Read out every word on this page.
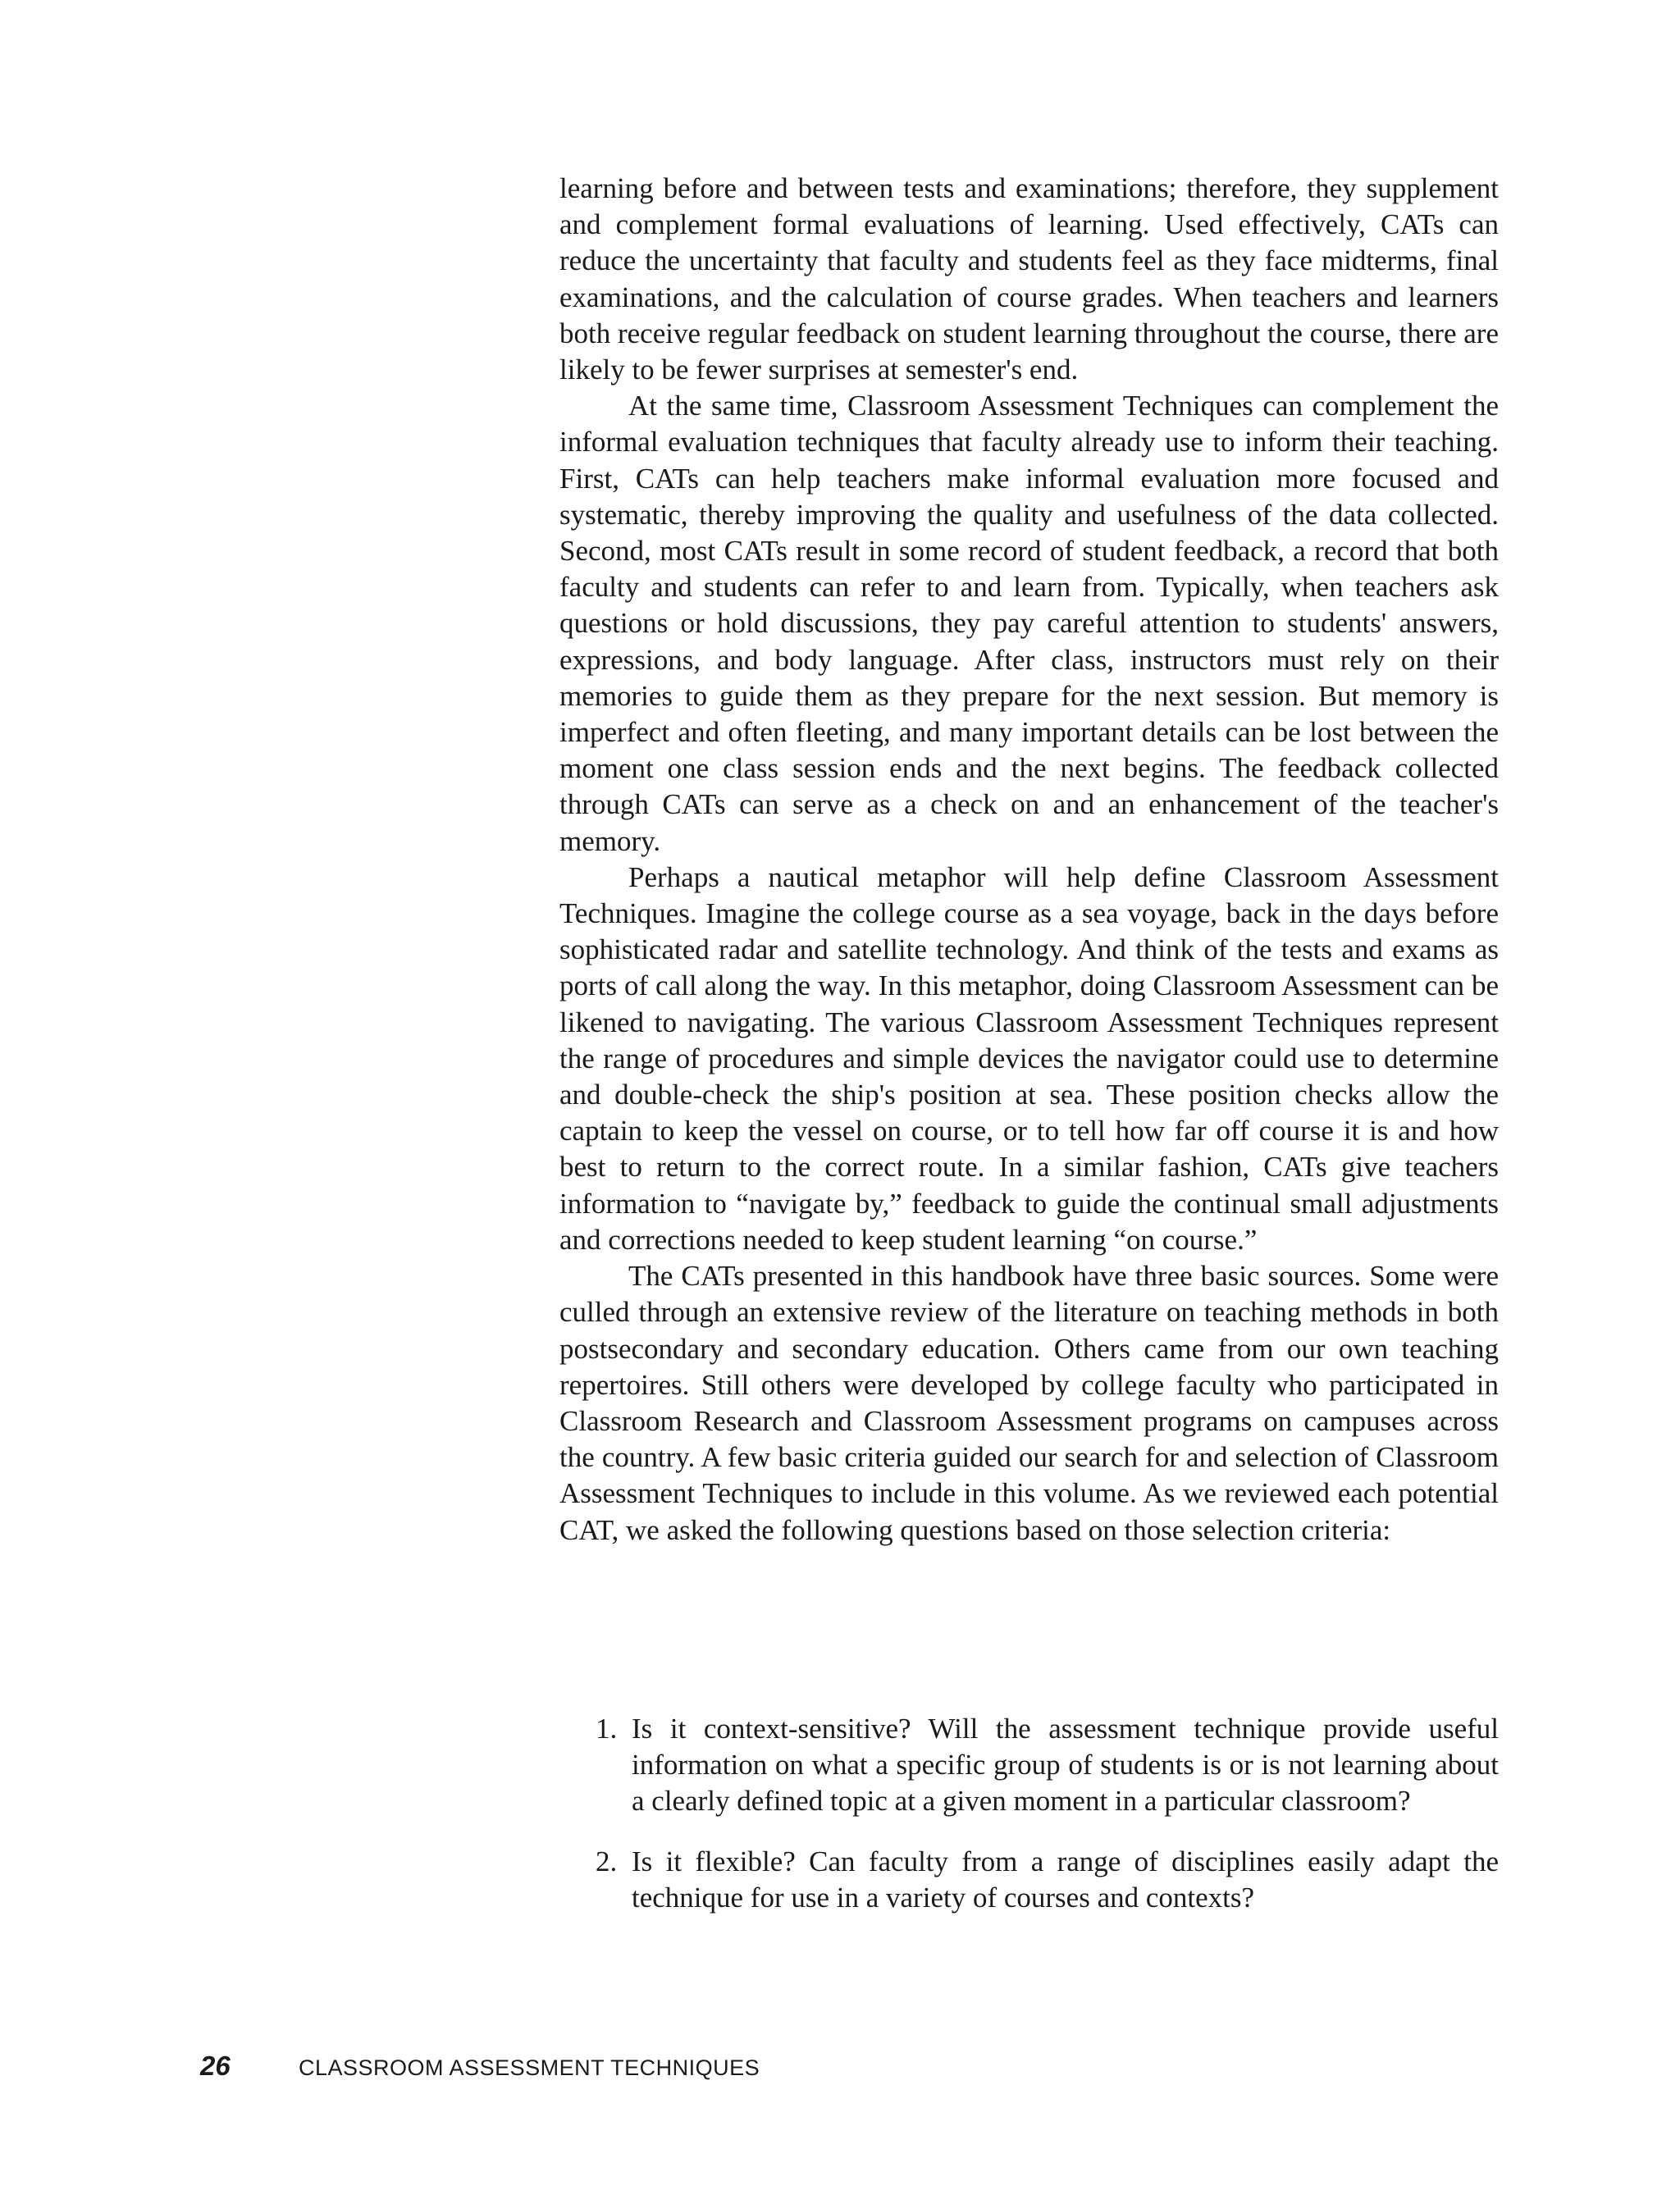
learning before and between tests and examinations; therefore, they supplement and complement formal evaluations of learning. Used effectively, CATs can reduce the uncertainty that faculty and students feel as they face midterms, final examinations, and the calculation of course grades. When teachers and learners both receive regular feedback on student learning throughout the course, there are likely to be fewer surprises at semester's end.

At the same time, Classroom Assessment Techniques can complement the informal evaluation techniques that faculty already use to inform their teaching. First, CATs can help teachers make informal evaluation more focused and systematic, thereby improving the quality and usefulness of the data collected. Second, most CATs result in some record of student feedback, a record that both faculty and students can refer to and learn from. Typically, when teachers ask questions or hold discussions, they pay careful attention to students' answers, expressions, and body language. After class, instructors must rely on their memories to guide them as they prepare for the next session. But memory is imperfect and often fleeting, and many important details can be lost between the moment one class session ends and the next begins. The feedback collected through CATs can serve as a check on and an enhancement of the teacher's memory.

Perhaps a nautical metaphor will help define Classroom Assessment Techniques. Imagine the college course as a sea voyage, back in the days before sophisticated radar and satellite technology. And think of the tests and exams as ports of call along the way. In this metaphor, doing Classroom Assessment can be likened to navigating. The various Classroom Assessment Techniques represent the range of procedures and simple devices the navigator could use to determine and double-check the ship's position at sea. These position checks allow the captain to keep the vessel on course, or to tell how far off course it is and how best to return to the correct route. In a similar fashion, CATs give teachers information to “navigate by,” feedback to guide the continual small adjustments and corrections needed to keep student learning “on course.”

The CATs presented in this handbook have three basic sources. Some were culled through an extensive review of the literature on teaching methods in both postsecondary and secondary education. Others came from our own teaching repertoires. Still others were developed by college faculty who participated in Classroom Research and Classroom Assessment programs on campuses across the country. A few basic criteria guided our search for and selection of Classroom Assessment Techniques to include in this volume. As we reviewed each potential CAT, we asked the following questions based on those selection criteria:

1. Is it context-sensitive? Will the assessment technique provide useful information on what a specific group of students is or is not learning about a clearly defined topic at a given moment in a particular classroom?
2. Is it flexible? Can faculty from a range of disciplines easily adapt the technique for use in a variety of courses and contexts?
26	CLASSROOM ASSESSMENT TECHNIQUES
